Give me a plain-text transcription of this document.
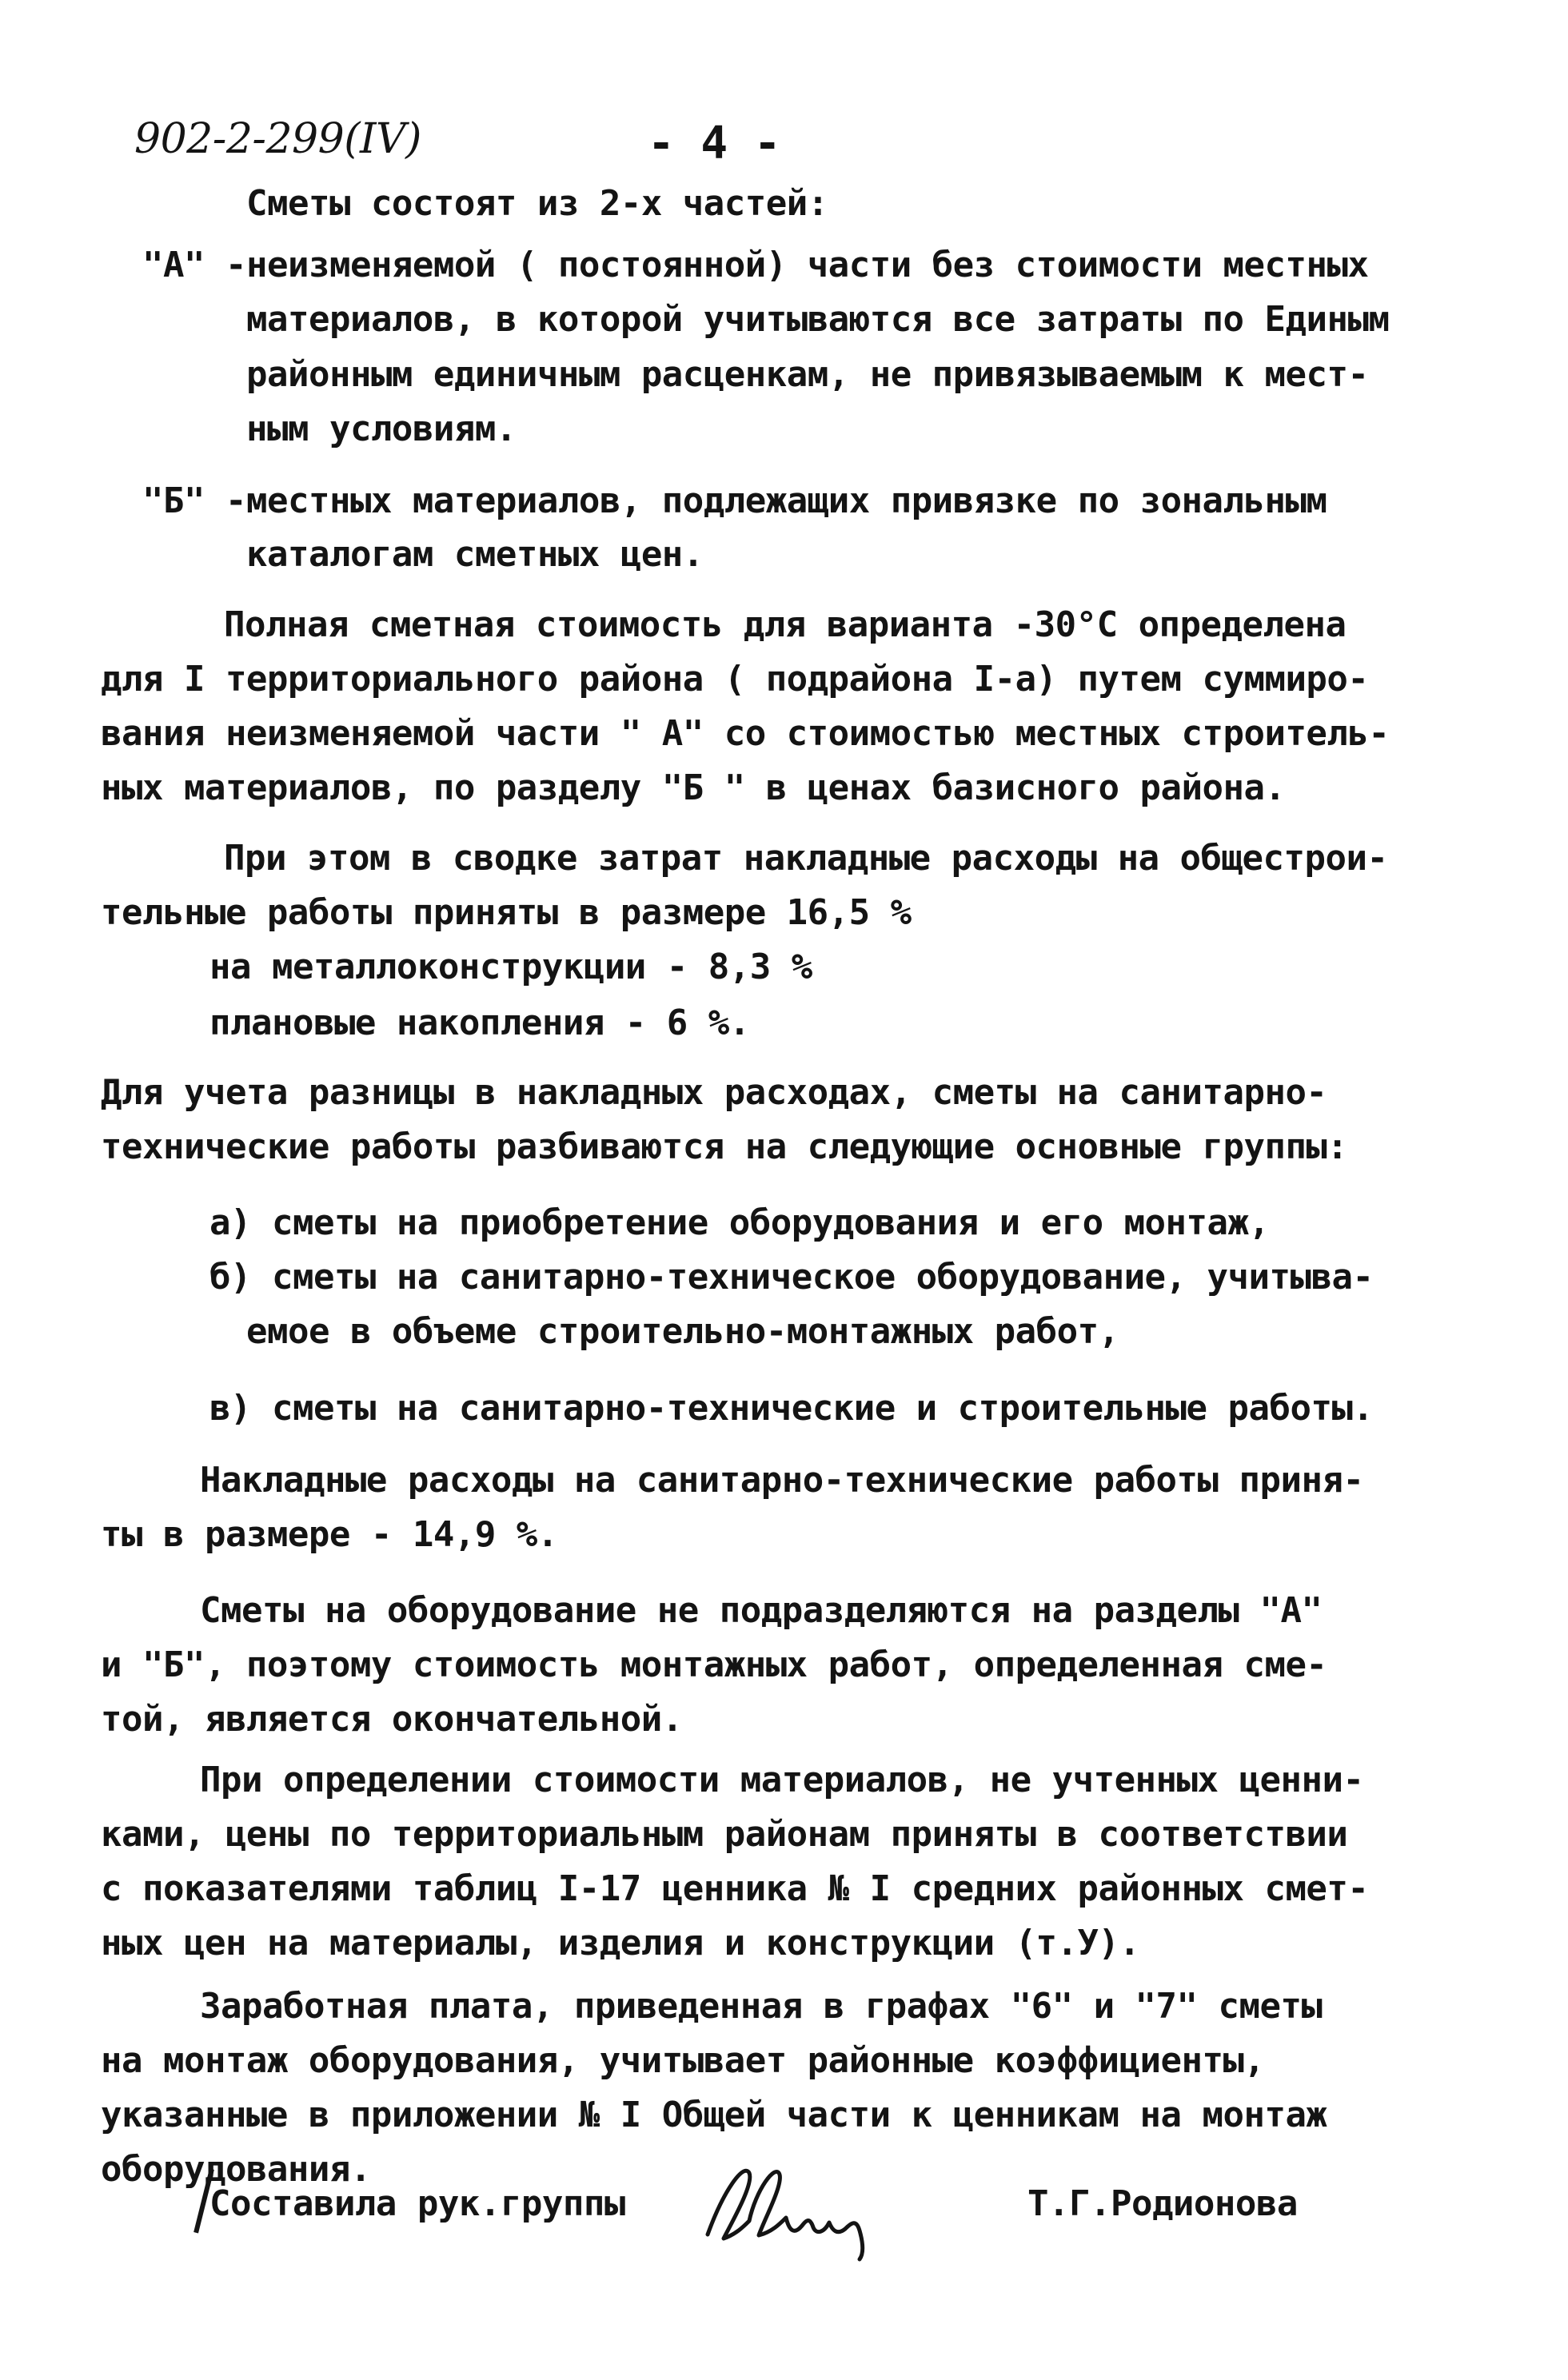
902-2-299(IV)	- 4 -
Сметы состоят из 2-х частей:
"А" - неизменяемой ( постоянной) части без стоимости местных
материалов, в которой учитываются все затраты по Единым
районным единичным расценкам, не привязываемым к мест-
ным условиям.
"Б" - местных материалов, подлежащих привязке по зональным
каталогам сметных цен.
Полная сметная стоимость для варианта -30°С определена
для I территориального района ( подрайона I-а) путем суммиро-
вания неизменяемой части " А" со стоимостью местных строитель-
ных материалов, по разделу "Б " в ценах базисного района.
При этом в сводке затрат накладные расходы на общестрои-
тельные работы приняты в размере 16,5 %
на металлоконструкции - 8,3 %
плановые накопления - 6 %.
Для учета разницы в накладных расходах, сметы на санитарно-
технические работы разбиваются на следующие основные группы:
а) сметы на приобретение оборудования и его монтаж,
б) сметы на санитарно-техническое оборудование, учитыва-
емое в объеме строительно-монтажных работ,
в) сметы на санитарно-технические и строительные работы.
Накладные расходы на санитарно-технические работы приня-
ты в размере - 14,9 %.
Сметы на оборудование не подразделяются на разделы "А"
и "Б", поэтому стоимость монтажных работ, определенная сме-
той, является окончательной.
При определении стоимости материалов, не учтенных ценни-
ками, цены по территориальным районам приняты в соответствии
с показателями таблиц I-17 ценника № I средних районных смет-
ных цен на материалы, изделия и конструкции (т.У).
Заработная плата, приведенная в графах "6" и "7" сметы
на монтаж оборудования, учитывает районные коэффициенты,
указанные в приложении № I Общей части к ценникам на монтаж
оборудования.
Составила рук.группы	Т.Г.Родионова
